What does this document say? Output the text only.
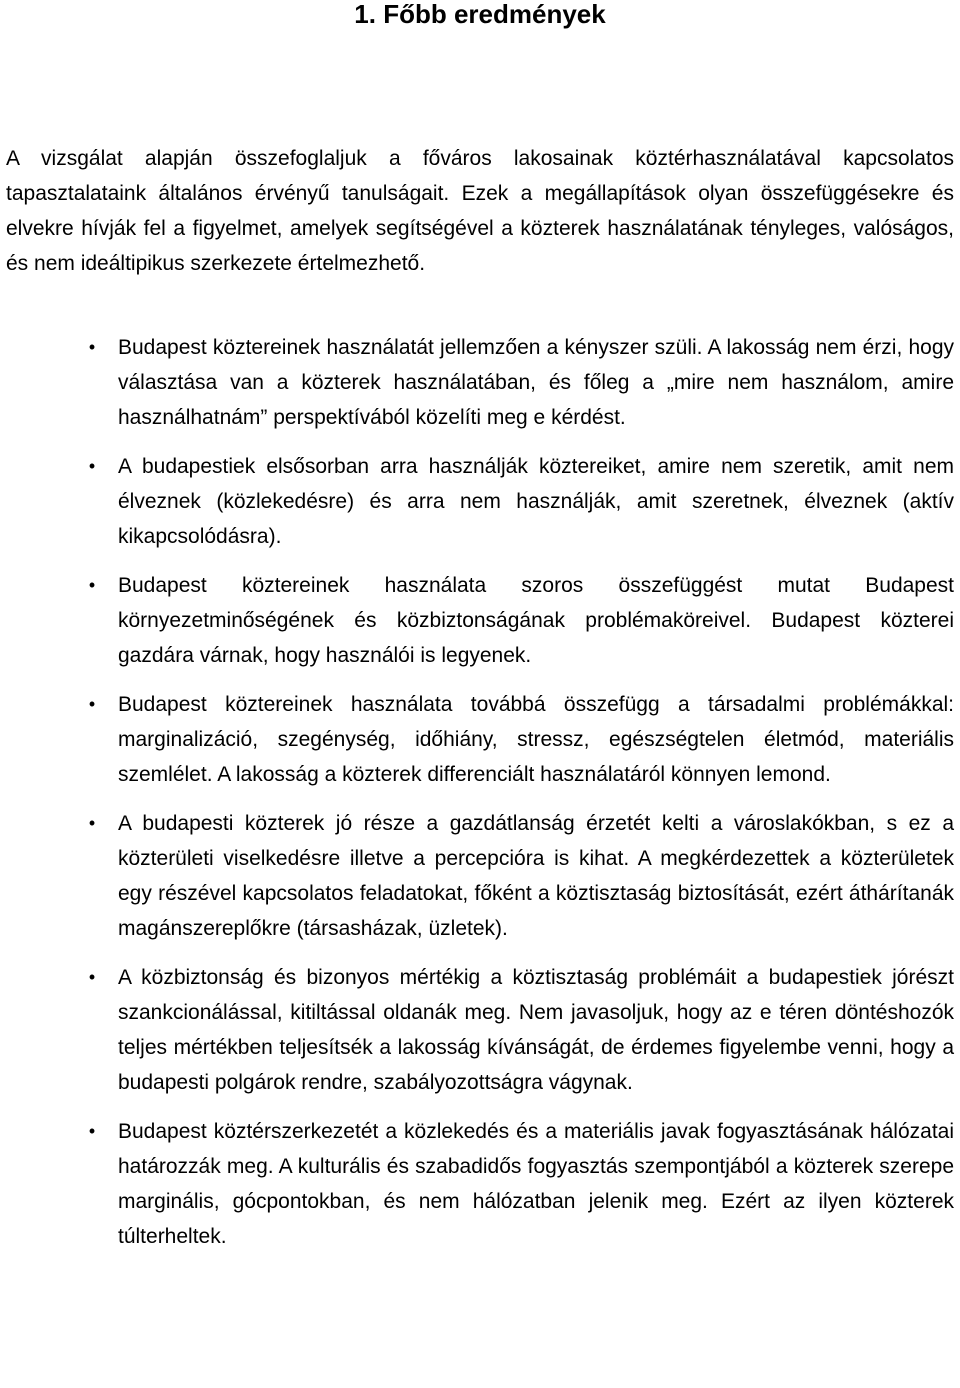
1. Főbb eredmények

A vizsgálat alapján összefoglaljuk a főváros lakosainak köztérhasználatával kapcsolatos tapasztalataink általános érvényű tanulságait. Ezek a megállapítások olyan összefüggésekre és elvekre hívják fel a figyelmet, amelyek segítségével a közterek használatának tényleges, valóságos, és nem ideáltipikus szerkezete értelmezhető.

•	Budapest köztereinek használatát jellemzően a kényszer szüli. A lakosság nem érzi, hogy választása van a közterek használatában, és főleg a „mire nem használom, amire használhatnám” perspektívából közelíti meg e kérdést.
•	A budapestiek elsősorban arra használják köztereiket, amire nem szeretik, amit nem élveznek (közlekedésre) és arra nem használják, amit szeretnek, élveznek (aktív kikapcsolódásra).
•	Budapest köztereinek használata szoros összefüggést mutat Budapest környezetminőségének és közbiztonságának problémaköreivel. Budapest közterei gazdára várnak, hogy használói is legyenek.
•	Budapest köztereinek használata továbbá összefügg a társadalmi problémákkal: marginalizáció, szegénység, időhiány, stressz, egészségtelen életmód, materiális szemlélet. A lakosság a közterek differenciált használatáról könnyen lemond.
•	A budapesti közterek jó része a gazdátlanság érzetét kelti a városlakókban, s ez a közterületi viselkedésre illetve a percepcióra is kihat. A megkérdezettek a közterületek egy részével kapcsolatos feladatokat, főként a köztisztaság biztosítását, ezért áthárítanák magánszereplőkre (társasházak, üzletek).
•	A közbiztonság és bizonyos mértékig a köztisztaság problémáit a budapestiek jórészt szankcionálással, kitiltással oldanák meg. Nem javasoljuk, hogy az e téren döntéshozók teljes mértékben teljesítsék a lakosság kívánságát, de érdemes figyelembe venni, hogy a budapesti polgárok rendre, szabályozottságra vágynak.
•	Budapest köztérszerkezetét a közlekedés és a materiális javak fogyasztásának hálózatai határozzák meg. A kulturális és szabadidős fogyasztás szempontjából a közterek szerepe marginális, gócpontokban, és nem hálózatban jelenik meg. Ezért az ilyen közterek túlterheltek.
